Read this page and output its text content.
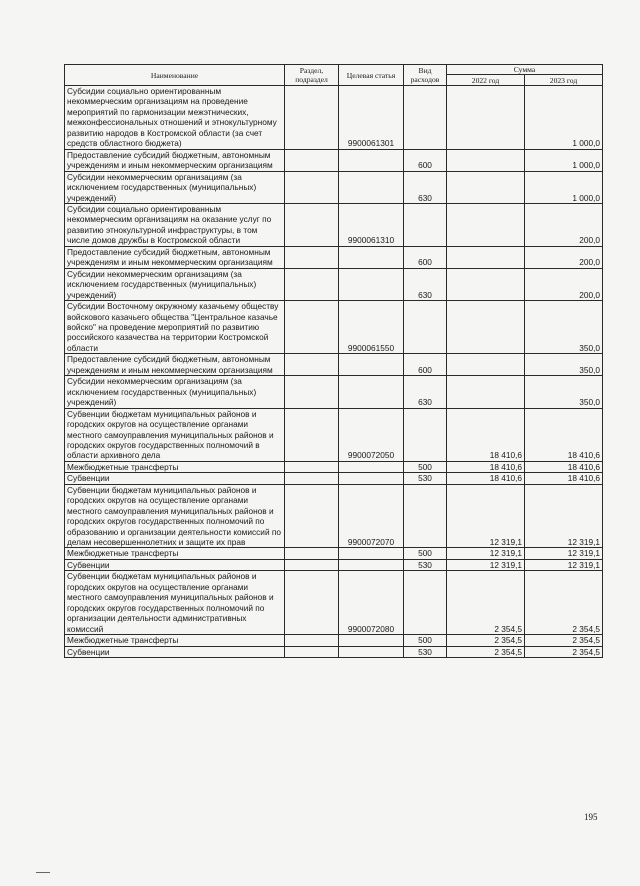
Наименование	Раздел, подраздел	Целевая статья	Вид расходов	Сумма	
				2022 год	2023 год
Субсидии социально ориентированным некоммерческим организациям на проведение мероприятий по гармонизации межэтнических, межконфессиональных отношений и этнокультурному развитию народов в Костромской области (за счет средств областного бюджета)		9900061301			1 000,0
Предоставление субсидий бюджетным, автономным учреждениям и иным некоммерческим организациям			600		1 000,0
Субсидии некоммерческим организациям (за исключением государственных (муниципальных) учреждений)			630		1 000,0
Субсидии социально ориентированным некоммерческим организациям на оказание услуг по развитию этнокультурной инфраструктуры, в том числе домов дружбы в Костромской области		9900061310			200,0
Предоставление субсидий бюджетным, автономным учреждениям и иным некоммерческим организациям			600		200,0
Субсидии некоммерческим организациям (за исключением государственных (муниципальных) учреждений)			630		200,0
Субсидии Восточному окружному казачьему обществу войскового казачьего общества "Центральное казачье войско" на проведение мероприятий по развитию российского казачества на территории Костромской области		9900061550			350,0
Предоставление субсидий бюджетным, автономным учреждениям и иным некоммерческим организациям			600		350,0
Субсидии некоммерческим организациям (за исключением государственных (муниципальных) учреждений)			630		350,0
Субвенции бюджетам муниципальных районов и городских округов на осуществление органами местного самоуправления муниципальных районов и городских округов государственных полномочий в области архивного дела		9900072050		18 410,6	18 410,6
Межбюджетные трансферты			500	18 410,6	18 410,6
Субвенции			530	18 410,6	18 410,6
Субвенции бюджетам муниципальных районов и городских округов на осуществление органами местного самоуправления муниципальных районов и городских округов государственных полномочий по образованию и организации деятельности комиссий по делам несовершеннолетних и защите их прав		9900072070		12 319,1	12 319,1
Межбюджетные трансферты			500	12 319,1	12 319,1
Субвенции			530	12 319,1	12 319,1
Субвенции бюджетам муниципальных районов и городских округов на осуществление органами местного самоуправления муниципальных районов и городских округов государственных полномочий по организации деятельности административных комиссий		9900072080		2 354,5	2 354,5
Межбюджетные трансферты			500	2 354,5	2 354,5
Субвенции			530	2 354,5	2 354,5
195
